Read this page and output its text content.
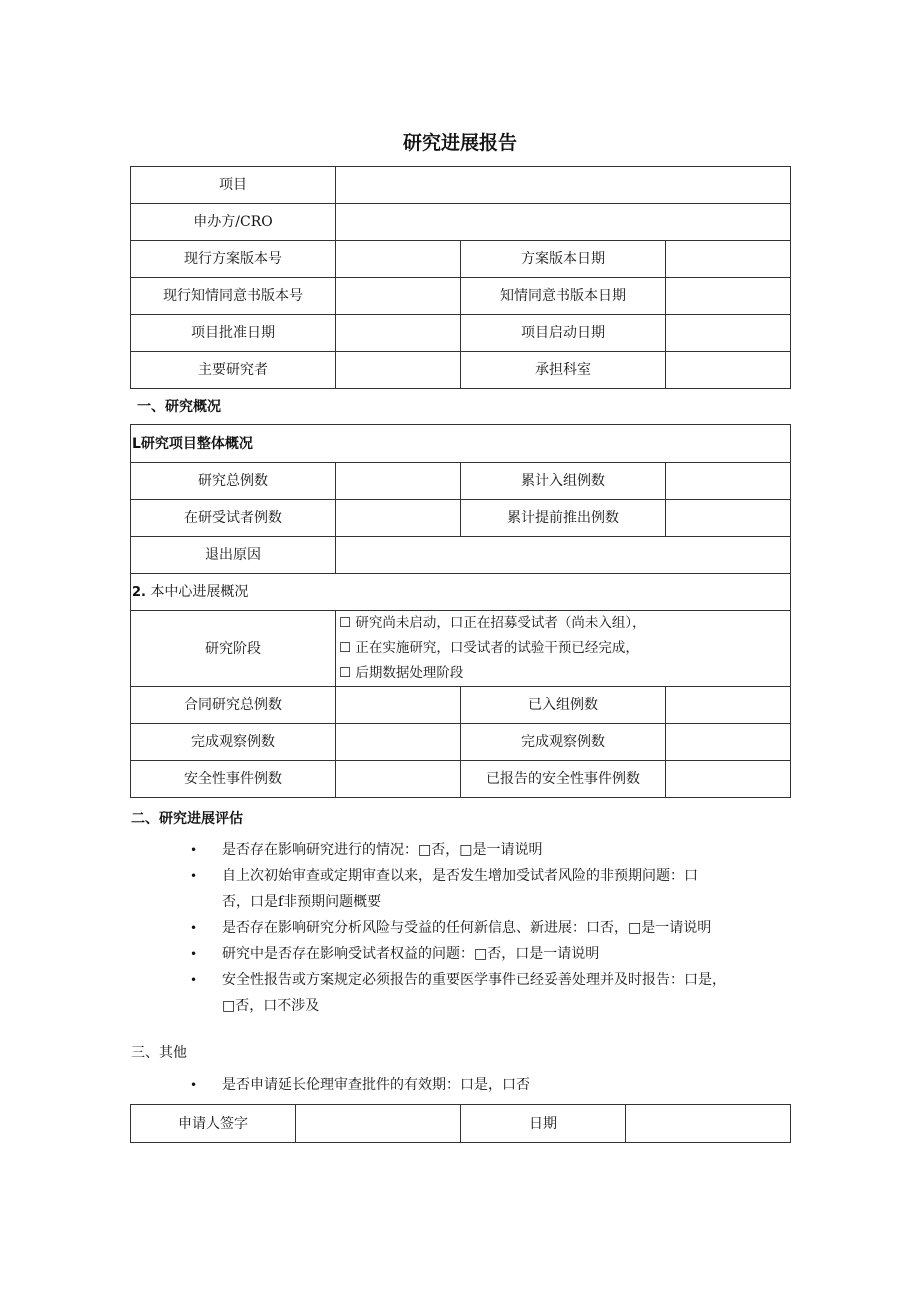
研究进展报告
项目			
申办方/CRO			
现行方案版本号		方案版本日期	
现行知情同意书版本号		知情同意书版本日期	
项目批准日期		项目启动日期	
主要研究者		承担科室	
一、研究概况
L研究项目整体概况			
研究总例数		累计入组例数	
在研受试者例数		累计提前推出例数	
退出原因			
2. 本中心进展概况			
研究阶段	☐ 研究尚未启动，口正在招募受试者（尚未入组），
☐ 正在实施研究，口受试者的试验干预已经完成，
☐ 后期数据处理阶段		

合同研究总例数		已入组例数	
完成观察例数		完成观察例数	
安全性事件例数		已报告的安全性事件例数	
二、研究进展评估
• 是否存在影响研究进行的情况：□否，□是一请说明
• 自上次初始审查或定期审查以来，是否发生增加受试者风险的非预期问题：口
否，口是f非预期问题概要
• 是否存在影响研究分析风险与受益的任何新信息、新进展：口否，□是一请说明
• 研究中是否存在影响受试者权益的问题：□否，口是一请说明
• 安全性报告或方案规定必须报告的重要医学事件已经妥善处理并及时报告：口是，
□否，口不涉及
三、其他
• 是否申请延长伦理审查批件的有效期：口是，口否
申请人签字		日期	
